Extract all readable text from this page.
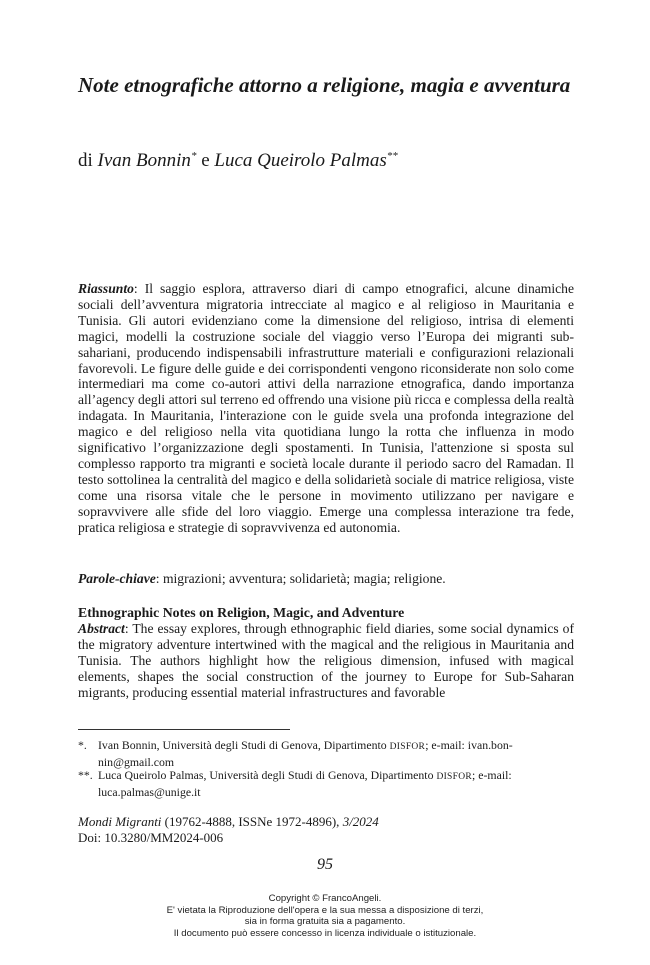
Note etnografiche attorno a religione, magia e avventura

di Ivan Bonnin* e Luca Queirolo Palmas**

Riassunto: Il saggio esplora, attraverso diari di campo etnografici, alcune dinamiche sociali dell’avventura migratoria intrecciate al magico e al religioso in Mauritania e Tunisia. Gli autori evidenziano come la dimensione del religioso, intrisa di elementi magici, modelli la costruzione sociale del viaggio verso l’Europa dei migranti sub-sahariani, producendo indispensabili infrastrutture materiali e configurazioni relazionali favorevoli. Le figure delle guide e dei corrispondenti vengono riconsiderate non solo come intermediari ma come co-autori attivi della narrazione etnografica, dando importanza all’agency degli attori sul terreno ed offrendo una visione più ricca e complessa della realtà indagata. In Mauritania, l'interazione con le guide svela una profonda integrazione del magico e del religioso nella vita quotidiana lungo la rotta che influenza in modo significativo l’organizzazione degli spostamenti. In Tunisia, l'attenzione si sposta sul complesso rapporto tra migranti e società locale durante il periodo sacro del Ramadan. Il testo sottolinea la centralità del magico e della solidarietà sociale di matrice religiosa, viste come una risorsa vitale che le persone in movimento utilizzano per navigare e sopravvivere alle sfide del loro viaggio. Emerge una complessa interazione tra fede, pratica religiosa e strategie di sopravvivenza ed autonomia.

Parole-chiave: migrazioni; avventura; solidarietà; magia; religione.

Ethnographic Notes on Religion, Magic, and Adventure

Abstract: The essay explores, through ethnographic field diaries, some social dynamics of the migratory adventure intertwined with the magical and the religious in Mauritania and Tunisia. The authors highlight how the religious dimension, infused with magical elements, shapes the social construction of the journey to Europe for Sub-Saharan migrants, producing essential material infrastructures and favorable

*. Ivan Bonnin, Università degli Studi di Genova, Dipartimento DISFOR; e-mail: ivan.bon-
nin@gmail.com

**. Luca Queirolo Palmas, Università degli Studi di Genova, Dipartimento DISFOR; e-mail:
luca.palmas@unige.it

Mondi Migranti (19762-4888, ISSNe 1972-4896), 3/2024
Doi: 10.3280/MM2024-006

95

Copyright © FrancoAngeli.
E' vietata la Riproduzione dell'opera e la sua messa a disposizione di terzi,
sia in forma gratuita sia a pagamento.
Il documento può essere concesso in licenza individuale o istituzionale.
